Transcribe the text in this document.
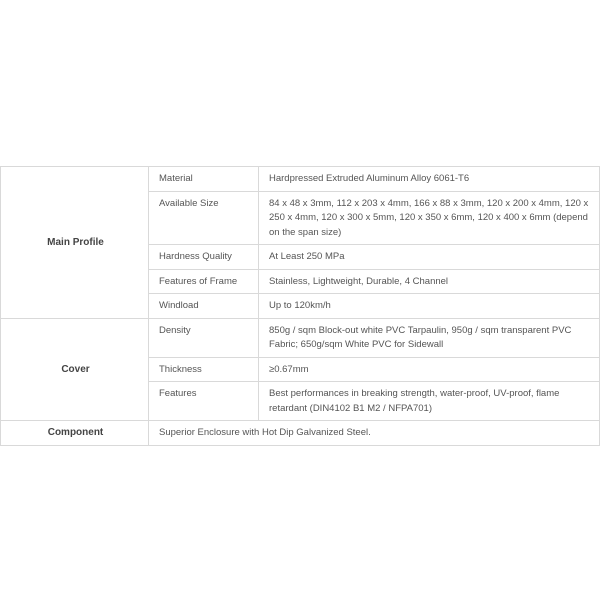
Main Profile	Material	Hardpressed Extruded Aluminum Alloy 6061-T6
	Available Size	84 x 48 x 3mm, 112 x 203 x 4mm, 166 x 88 x 3mm, 120 x 200 x 4mm, 120 x 250 x 4mm, 120 x 300 x 5mm, 120 x 350 x 6mm, 120 x 400 x 6mm (depend on the span size)
	Hardness Quality	At Least 250 MPa
	Features of Frame	Stainless, Lightweight, Durable, 4 Channel
	Windload	Up to 120km/h
Cover	Density	850g / sqm Block-out white PVC Tarpaulin, 950g / sqm transparent PVC Fabric; 650g/sqm White PVC for Sidewall
	Thickness	≥0.67mm
	Features	Best performances in breaking strength, water-proof, UV-proof, flame retardant (DIN4102 B1 M2 / NFPA701)
Component	Superior Enclosure with Hot Dip Galvanized Steel.	
